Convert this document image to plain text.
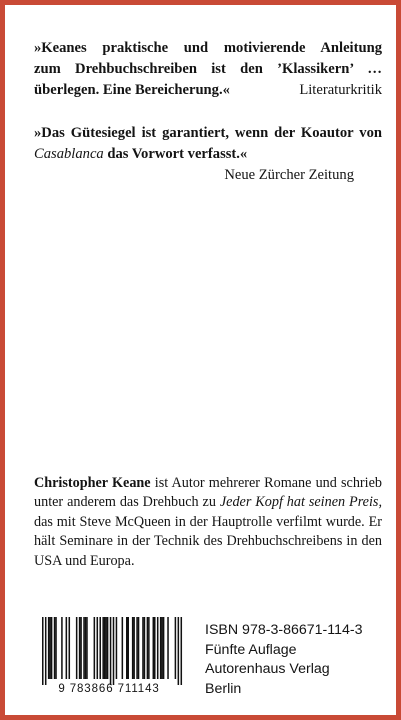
»Keanes praktische und motivierende Anleitung
zum Drehbuchschreiben ist den ’Klassikern’ …
überlegen. Eine Bereicherung.«	Literaturkritik
»Das Gütesiegel ist garantiert, wenn der Koautor von Casablanca das Vorwort verfasst.«
Neue Zürcher Zeitung
Christopher Keane ist Autor mehrerer Romane und schrieb unter anderem das Drehbuch zu Jeder Kopf hat seinen Preis, das mit Steve McQueen in der Hauptrolle verfilmt wurde. Er hält Seminare in der Technik des Drehbuchschreibens in den USA und Europa.
9 783866 711143
ISBN 978-3-86671-114-3
Fünfte Auflage
Autorenhaus Verlag
Berlin
